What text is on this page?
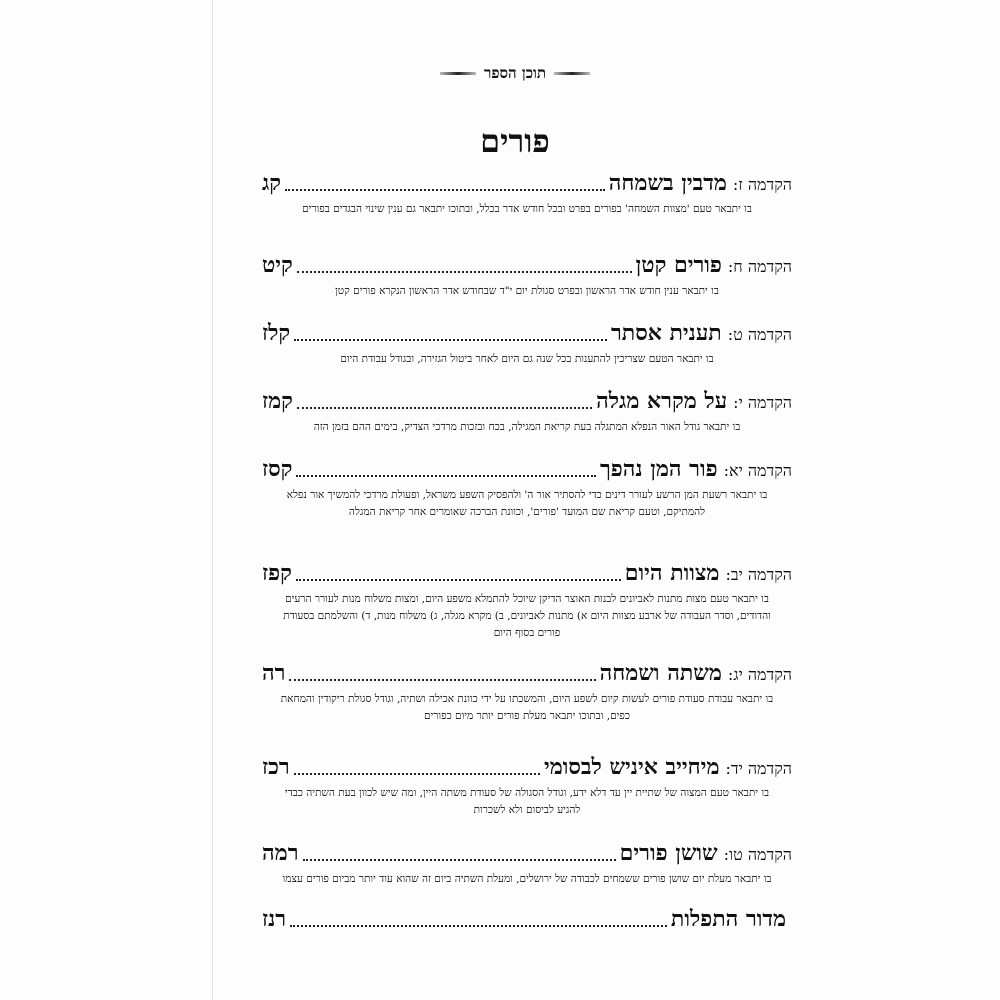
תוכן הספר
פורים
הקדמה ז:
מדבין בשמחה
קג
בו יתבאר טעם 'מצוות השמחה' בפורים בפרט ובכל חודש אדר בכלל, ובתוכו יתבאר גם ענין שינוי הבגדים בפורים
הקדמה ח:
פורים קטן
קיט
בו יתבאר ענין חודש אדר הראשון ובפרט סגולת יום י"ד שבחודש אדר הראשון הנקרא פורים קטן
הקדמה ט:
תענית אסתר
קלז
בו יתבאר הטעם שצריכין להתענות בכל שנה גם היום לאחר ביטול הגזירה, ובגודל עבודת היום
הקדמה י:
על מקרא מגלה
קמז
בו יתבאר גודל האור הנפלא המתגלה בעת קריאת המגילה, בכח ובזכות מרדכי הצדיק, בימים ההם בזמן הזה
הקדמה יא:
פור המן נהפך
קסז
בו יתבאר רשעת המן הרשע לעורר דינים כדי להסתיר אור ה' ולהפסיק השפע משראל, ופעולת מרדכי להמשיך אור נפלא להמתיקם, וטעם קריאת שם המועד 'פורים', וכוונת הברכה שאומרים אחר קריאת המגלה
הקדמה יב:
מצוות היום
קפז
בו יתבאר טעם מצות מתנות לאביונים לבנות האוצר הדיקן שיוכל להתמלא משפע היום, ומצות משלוח מנות לעורר הרעים והדודים, וסדר העבודה של ארבע מצוות היום א) מתנות לאביונים, ב) מקרא מגלה, ג) משלוח מנות, ד) והשלמתם בסעודת פורים בסוף היום
הקדמה יג:
משתה ושמחה
רה
בו יתבאר עבודת סעודת פורים לעשות קיום לשפע היום, והמשכתו על ידי כוונת אכילה ושתיה, וגודל סגולת ריקודין והמחאת כפים, ובתוכו יתבאר מעלת פורים יותר מיום כפורים
הקדמה יד:
מיחייב איניש לבסומי
רכז
בו יתבאר טעם המצוה של שתיית יין עד דלא ידע, וגודל הסגולה של סעודת משתה היין, ומה שיש לכוון בעת השתיה כבדי להגיע לביסום ולא לשכרות
הקדמה טו:
שושן פורים
רמה
בו יתבאר מעלת יום שושן פורים ששמחים לכבודה של ירושלים, ומעלת השתיה ביום זה שהוא עוד יותר מביום פורים עצמו
מדור התפלות
רנז
